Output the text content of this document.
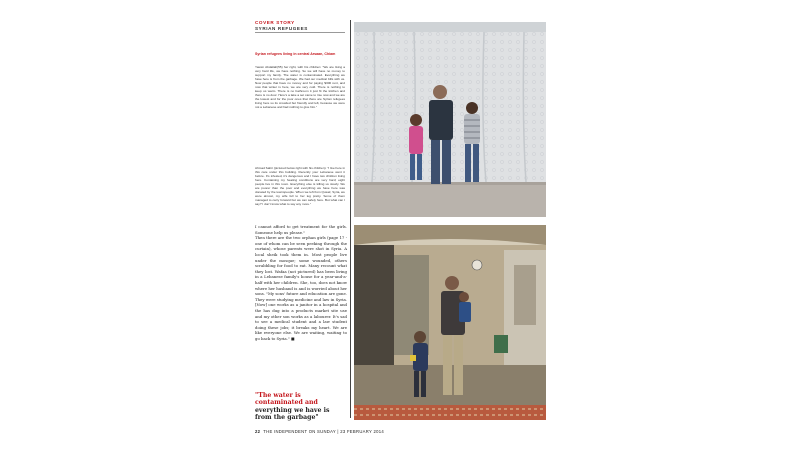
COVER STORY
SYRIAN REFUGEES
Syrian refugees living in central Arsaan, Chiam
Yassin Abdallah(55) her right, with his children: "We are living a very hard life, we have nothing. So we will have no money to support my family. The water is contaminated. Everything we have here is from the garbage. We had our medical bills with us. Now people that have no money and for paying $300 rent, and now that winter is here, we are very cold. There is nothing to keep us warm. There is no bathroom it just fit the kitchen and there is no door. Here's a lake a set came to rise now and we are the lowest and for the poor ones that there are Syrian refugees living here so its crowded but friendly and left, because we were not a Lebanese and had nothing to give him."
Ahmad Sabir (pictured below right with his children): "I live here in this care under this building. Recently your Lebanese went it before. It's infested, it's dangerous and I have two children living here. Containing my heating conditions are very hard; eight people live in this room. Everything else is killing us slowly. We are poorer than the poor and everything we have here was donated by the townspeople. When we left from Qusair, Syria, we were almost, my wife fell to her leg pretty. Some of them managed to carry forward but we can safely here. But what can I say? I don't know what to say any more."
I cannot afford to get treatment for the girls. Someone help us please."
Then there are the two orphan girls (page 17 - one of whom can be seen peeking through the curtain), whose parents were shot in Syria. A local sheik took them in. Most people live under the mosque; some wounded, others scrabbling for food to eat. Many recount what they lost. Wafaa (not pictured) has been living in a Lebanese family's house for a year-and-a-half with her children. She, too, does not know where her husband is and is worried about her sons. "My sons' future and education are gone. They were studying medicine and law in Syria. [Now] one works as a janitor in a hospital and the has dug into a products market site use and my other son works as a labourer. It's sad to see a medical student and a law student doing these jobs; it breaks my heart. We are like everyone else. We are waiting, waiting to go back to Syria." ■
"The water is contaminated and
everything we have is from the garbage"
22 THE INDEPENDENT ON SUNDAY | 23 FEBRUARY 2014
